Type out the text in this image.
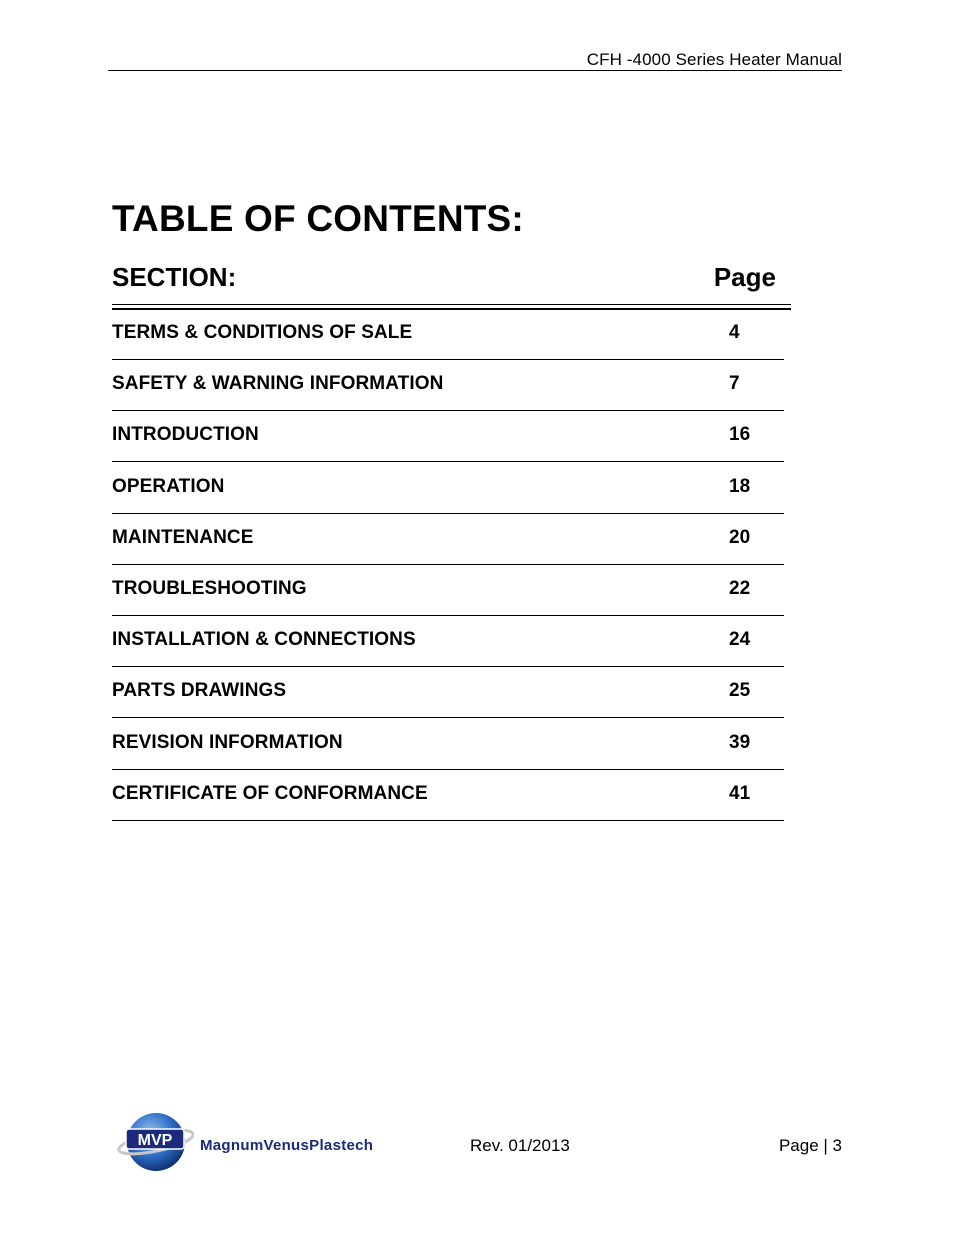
CFH -4000 Series Heater Manual
TABLE OF CONTENTS:
SECTION:	Page
TERMS & CONDITIONS OF SALE	4
SAFETY & WARNING INFORMATION	7
INTRODUCTION	16
OPERATION	18
MAINTENANCE	20
TROUBLESHOOTING	22
INSTALLATION & CONNECTIONS	24
PARTS DRAWINGS	25
REVISION INFORMATION	39
CERTIFICATE OF CONFORMANCE	41
MVP MagnumVenusPlastech	Rev. 01/2013	Page | 3
